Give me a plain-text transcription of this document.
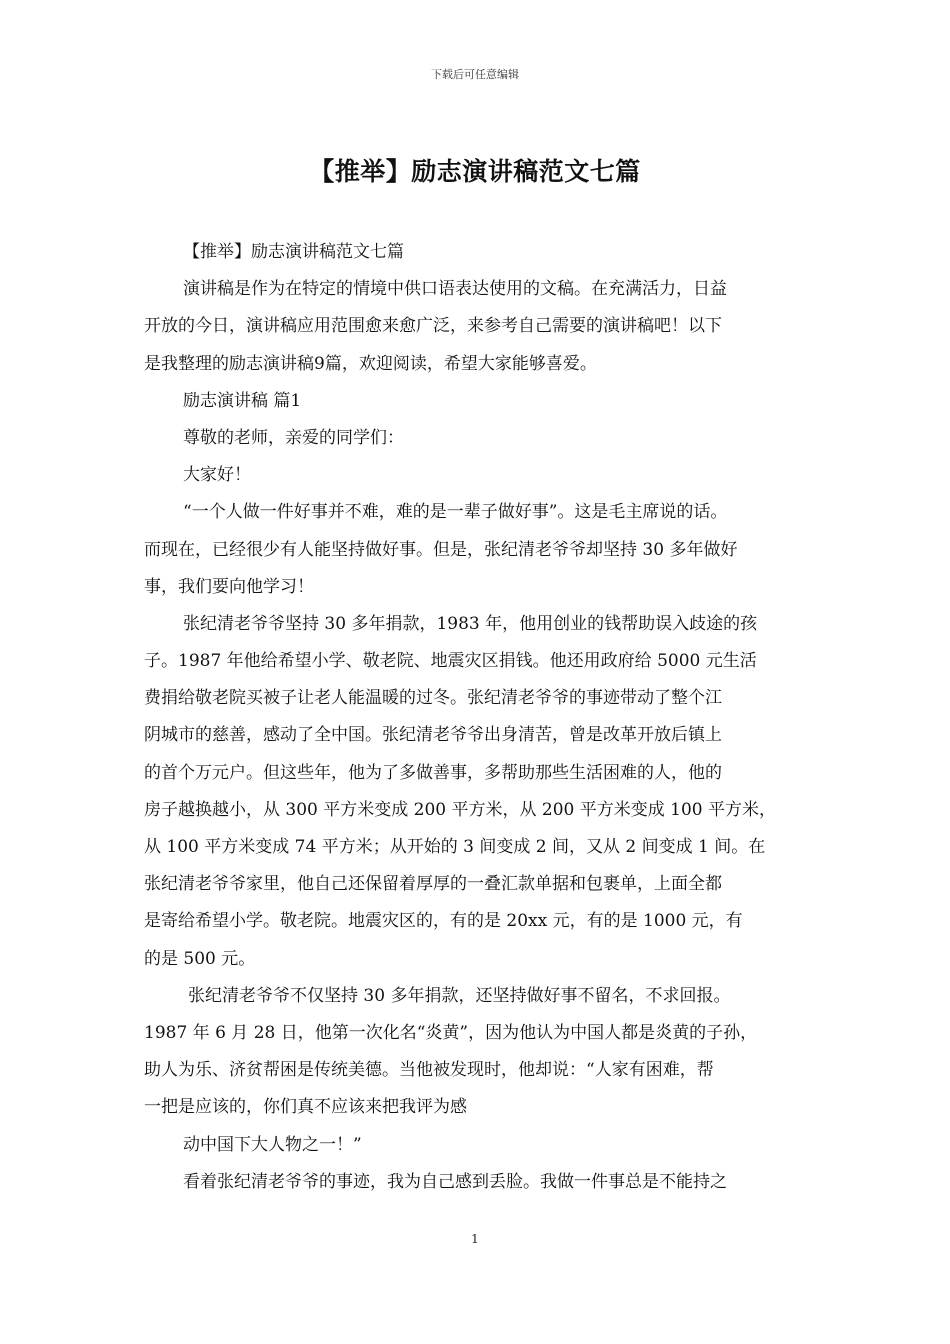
下载后可任意编辑
【推举】励志演讲稿范文七篇
【推举】励志演讲稿范文七篇
演讲稿是作为在特定的情境中供口语表达使用的文稿。在充满活力，日益
开放的今日，演讲稿应用范围愈来愈广泛，来参考自己需要的演讲稿吧！以下
是我整理的励志演讲稿9篇，欢迎阅读，希望大家能够喜爱。
励志演讲稿 篇1
尊敬的老师，亲爱的同学们：
大家好！
“一个人做一件好事并不难，难的是一辈子做好事”。这是毛主席说的话。
而现在，已经很少有人能坚持做好事。但是，张纪清老爷爷却坚持 30 多年做好
事，我们要向他学习！
张纪清老爷爷坚持 30 多年捐款，1983 年，他用创业的钱帮助误入歧途的孩
子。1987 年他给希望小学、敬老院、地震灾区捐钱。他还用政府给 5000 元生活
费捐给敬老院买被子让老人能温暖的过冬。张纪清老爷爷的事迹带动了整个江
阴城市的慈善，感动了全中国。张纪清老爷爷出身清苦，曾是改革开放后镇上
的首个万元户。但这些年，他为了多做善事，多帮助那些生活困难的人，他的
房子越换越小，从 300 平方米变成 200 平方米，从 200 平方米变成 100 平方米，
从 100 平方米变成 74 平方米；从开始的 3 间变成 2 间，又从 2 间变成 1 间。在
张纪清老爷爷家里，他自己还保留着厚厚的一叠汇款单据和包裹单，上面全都
是寄给希望小学。敬老院。地震灾区的，有的是 20xx 元，有的是 1000 元，有
的是 500 元。
张纪清老爷爷不仅坚持 30 多年捐款，还坚持做好事不留名，不求回报。
1987 年 6 月 28 日，他第一次化名“炎黄”，因为他认为中国人都是炎黄的子孙，
助人为乐、济贫帮困是传统美德。当他被发现时，他却说：“人家有困难，帮
一把是应该的，你们真不应该来把我评为感
动中国下大人物之一！”
看着张纪清老爷爷的事迹，我为自己感到丢脸。我做一件事总是不能持之
1
